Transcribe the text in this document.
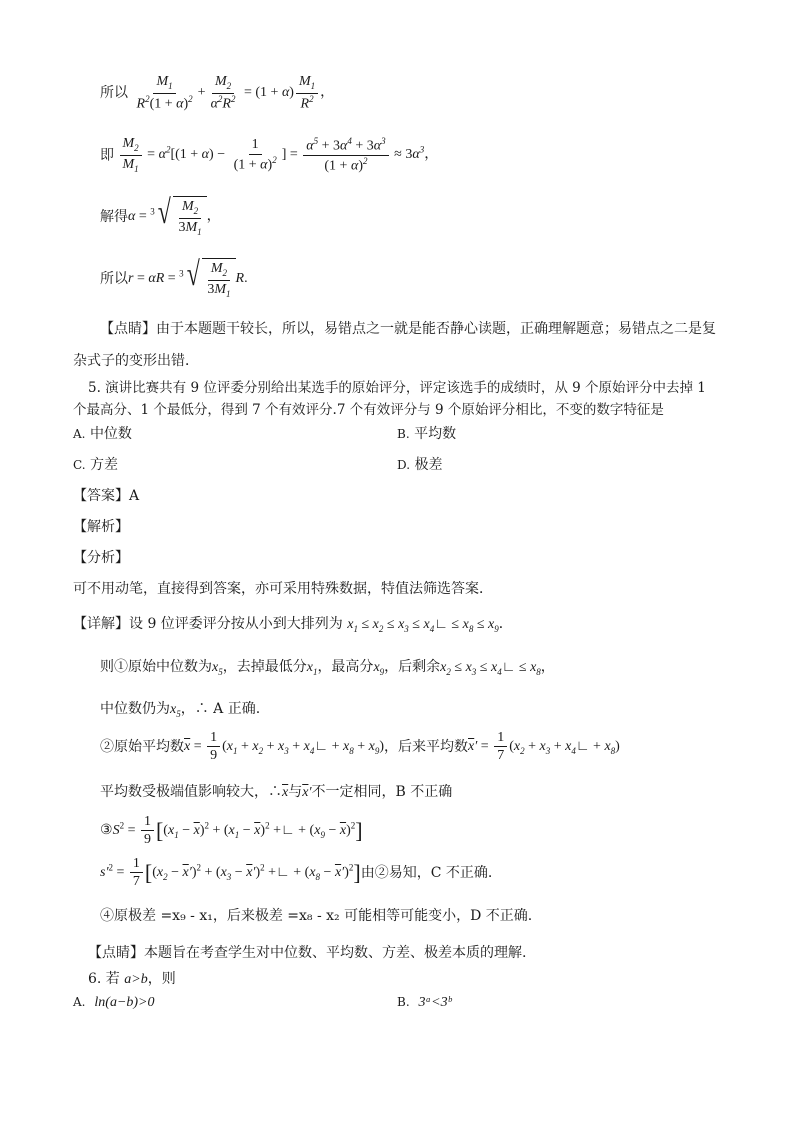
所以 $\frac{M_1}{R^2(1 + \alpha)^2} + \frac{M_2}{\alpha^2R^2} = (1 + \alpha) \frac{M_1}{R^2}$ ，
即 $\frac{M_2}{M_1} = \alpha^2[(1 + \alpha) - \frac{1}{(1 + \alpha)^2}$ ] = $\frac{\alpha^5 + 3\alpha^4 + 3\alpha^3}{(1 + \alpha)^2} \approx 3\alpha^3$，
解得α = $^3$ √ $\frac{M_2}{3M_1}$ ，
所以r = αR = $^3$ √ $\frac{M_2}{3M_1} R$.
【点睛】由于本题题干较长，所以，易错点之一就是能否静心读题，正确理解题意；易错点之二是复
杂式子的变形出错．
5. 演讲比赛共有 9 位评委分别给出某选手的原始评分，评定该选手的成绩时，从 9 个原始评分中去掉 1
个最高分、1 个最低分，得到 7 个有效评分.7 个有效评分与 9 个原始评分相比，不变的数字特征是
A. 中位数	B. 平均数
C. 方差	D. 极差
【答案】A
【解析】
【分析】
可不用动笔，直接得到答案，亦可采用特殊数据，特值法筛选答案．
【详解】设 9 位评委评分按从小到大排列为 $x_1 \le x_2 \le x_3$ ≤ $x_4∟ \le x_8 \le x_9$．
则①原始中位数为$x_5$，去掉最低分$x_1$，最高分$x_9$，后剩余$x_2 \le x_3$ ≤ $x_4∟ \le x_8$，
中位数仍为$x_5$，∴ A 正确.
②原始平均数$\overline{x} = \frac{1}{9} (x_1 + x_2 + x_3$ + $x_4∟ + x_8 + x_9$)，后来平均数$\overline{x}' = \frac{1}{7} (x_2 + x_3$ + $x_4∟ + x_8$)
平均数受极端值影响较大，$\therefore\overline{x}$与$\overline{x}'$不一定相同，B 不正确
$③S^2 = \frac{1}{9} [(x_1 - \overline{x})^2 + (x_1 - \overline{x})^2$ +∟ + $(x_9 - \overline{x})^2$]
$s'^2 = \frac{1}{7} [(x_2 - \overline{x}')^2 + (x_3 - \overline{x}')^2$ +∟ + $(x_8 - \overline{x}')^2$]由②易知，C 不正确.
④原极差 =x₉ - x₁，后来极差 =x₈ - x₂ 可能相等可能变小，D 不正确.
【点睛】本题旨在考查学生对中位数、平均数、方差、极差本质的理解.
6. 若 a>b，则
A. ln(a−b)>0	B. 3ᵃ<3ᵇ
